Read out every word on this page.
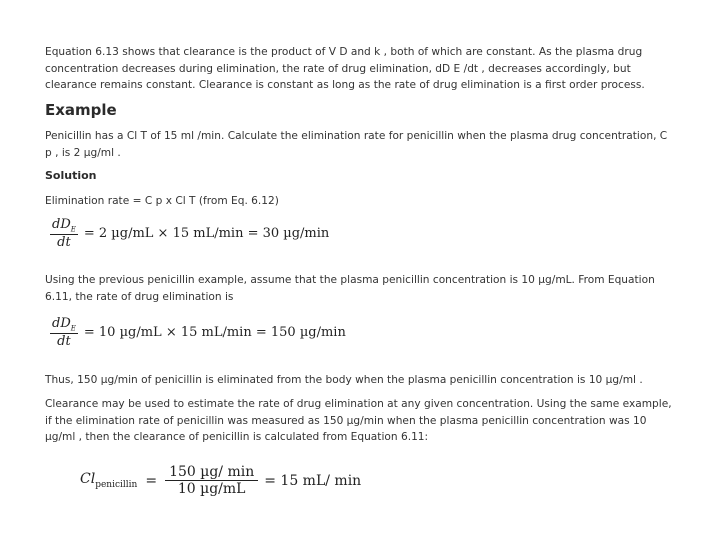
Equation 6.13 shows that clearance is the product of V D and k , both of which are constant. As the plasma drug concentration decreases during elimination, the rate of drug elimination, dD E /dt , decreases accordingly, but clearance remains constant. Clearance is constant as long as the rate of drug elimination is a first order process.
Example
Penicillin has a Cl T of 15 ml /min. Calculate the elimination rate for penicillin when the plasma drug concentration, C p , is 2 µg/ml .
Solution
Elimination rate = C p x Cl T (from Eq. 6.12)
$\frac{dD_E}{dt} = 2$ µg/mL × 15 mL/min = 30 µg/min
Using the previous penicillin example, assume that the plasma penicillin concentration is 10 µg/mL. From Equation 6.11, the rate of drug elimination is
$\frac{dD_E}{dt} = 10$ µg/mL × 15 mL/min = 150 µg/min
Thus, 150 µg/min of penicillin is eliminated from the body when the plasma penicillin concentration is 10 µg/ml .
Clearance may be used to estimate the rate of drug elimination at any given concentration. Using the same example, if the elimination rate of penicillin was measured as 150 µg/min when the plasma penicillin concentration was 10 µg/ml , then the clearance of penicillin is calculated from Equation 6.11:
$Cl_{penicillin} = \frac{\text{150 µg/ min}}{\text{10 µg/mL}} = 15$ mL/ min
